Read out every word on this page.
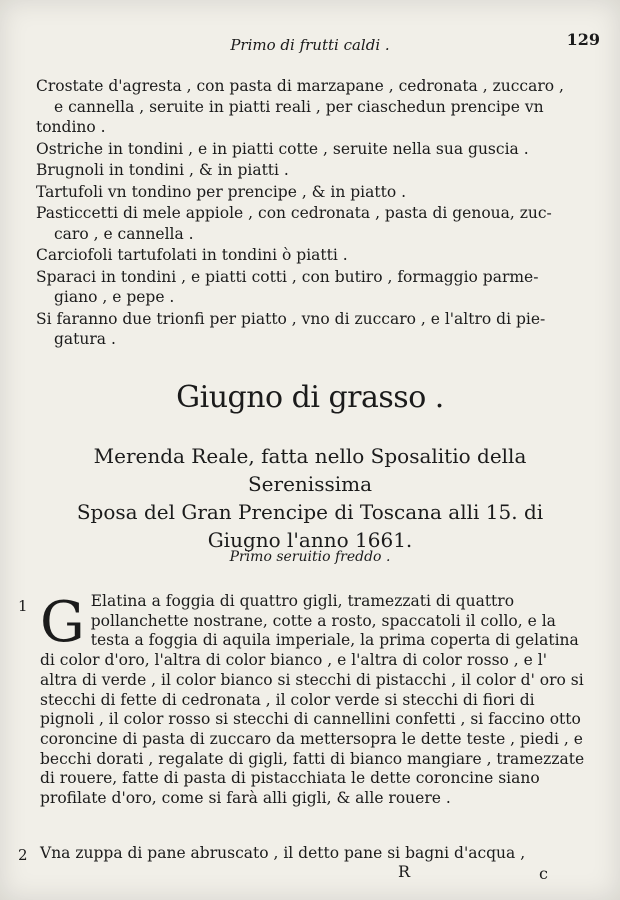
Primo di frutti caldi .	129

Crostate d'agresta , con pasta di marzapane , cedronata , zuccaro ,
e cannella , seruite in piatti reali , per ciaschedun prencipe vn tondino .

Ostriche in tondini , e in piatti cotte , seruite nella sua guscia .

Brugnoli in tondini , & in piatti .

Tartufoli vn tondino per prencipe , & in piatto .

Pasticcetti di mele appiole , con cedronata , pasta di genoua, zuc-
caro , e cannella .

Carciofoli tartufolati in tondini ò piatti .

Sparaci in tondini , e piatti cotti , con butiro , formaggio parme-
giano , e pepe .

Si faranno due trionfi per piatto , vno di zuccaro , e l'altro di pie-
gatura .

Giugno di grasso .
Merenda Reale, fatta nello Sposalitio della Serenissima
Sposa del Gran Prencipe di Toscana alli 15. di
Giugno l'anno 1661.
Primo seruitio freddo .
1 G Elatina a foggia di quattro gigli, tramezzati di quattro pollanchette nostrane, cotte a rosto, spaccatoli il collo, e la testa a foggia di aquila imperiale, la prima coperta di gelatina di color d'oro, l'altra di color bianco , e l'altra di color rosso , e l' altra di verde , il color bianco si stecchi di pistacchi , il color d' oro si stecchi di fette di cedronata , il color verde si stecchi di fiori di pignoli , il color rosso si stecchi di cannellini confetti , si faccino otto coroncine di pasta di zuccaro da mettersopra le dette teste , piedi , e becchi dorati , regalate di gigli, fatti di bianco mangiare , tramezzate di rouere, fatte di pasta di pistacchiata le dette coroncine siano profilate d'oro, come si farà alli gigli, & alle rouere .
2 Vna zuppa di pane abruscato , il detto pane si bagni d'acqua ,
R	c
